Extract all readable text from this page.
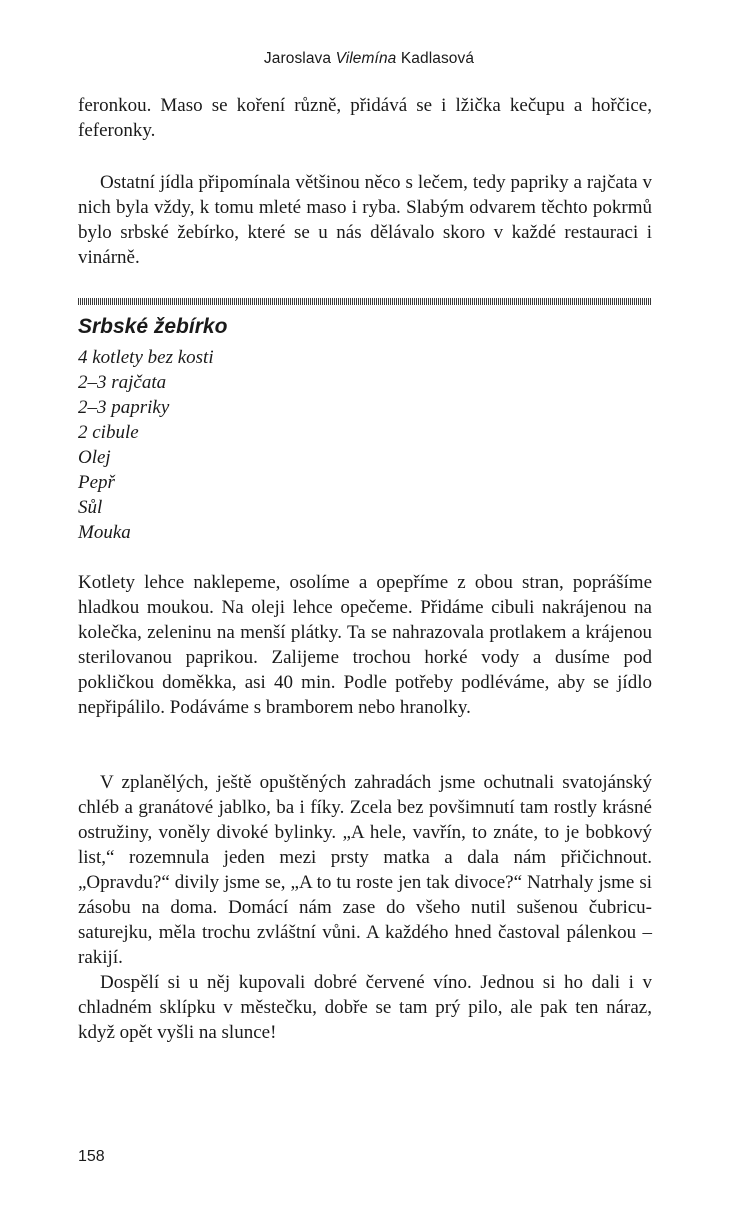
Jaroslava Vilemína Kadlasová

feronkou. Maso se koření různě, přidává se i lžička kečupu a hořčice, feferonky.

Ostatní jídla připomínala většinou něco s lečem, tedy papriky a rajčata v nich byla vždy, k tomu mleté maso i ryba. Slabým odvarem těchto pokrmů bylo srbské žebírko, které se u nás dělávalo skoro v každé restauraci i vinárně.

Srbské žebírko
4 kotlety bez kosti
2–3 rajčata
2–3 papriky
2 cibule
Olej
Pepř
Sůl
Mouka

Kotlety lehce naklepeme, osolíme a opepříme z obou stran, poprášíme hladkou moukou. Na oleji lehce opečeme. Přidáme cibuli nakrájenou na kolečka, zeleninu na menší plátky. Ta se nahrazovala protlakem a krájenou sterilovanou paprikou. Zalijeme trochou horké vody a dusíme pod pokličkou doměkka, asi 40 min. Podle potřeby podléváme, aby se jídlo nepřipálilo. Podáváme s bramborem nebo hranolky.

V zplanělých, ještě opuštěných zahradách jsme ochutnali svatojánský chléb a granátové jablko, ba i fíky. Zcela bez povšimnutí tam rostly krásné ostružiny, voněly divoké bylinky. „A hele, vavřín, to znáte, to je bobkový list,“ rozemnula jeden mezi prsty matka a dala nám přičichnout. „Opravdu?“ divily jsme se, „A to tu roste jen tak divoce?“ Natrhaly jsme si zásobu na doma. Domácí nám zase do všeho nutil sušenou čubricu-saturejku, měla trochu zvláštní vůni. A každého hned častoval pálenkou – rakijí.

Dospělí si u něj kupovali dobré červené víno. Jednou si ho dali i v chladném sklípku v městečku, dobře se tam prý pilo, ale pak ten náraz, když opět vyšli na slunce!

158
